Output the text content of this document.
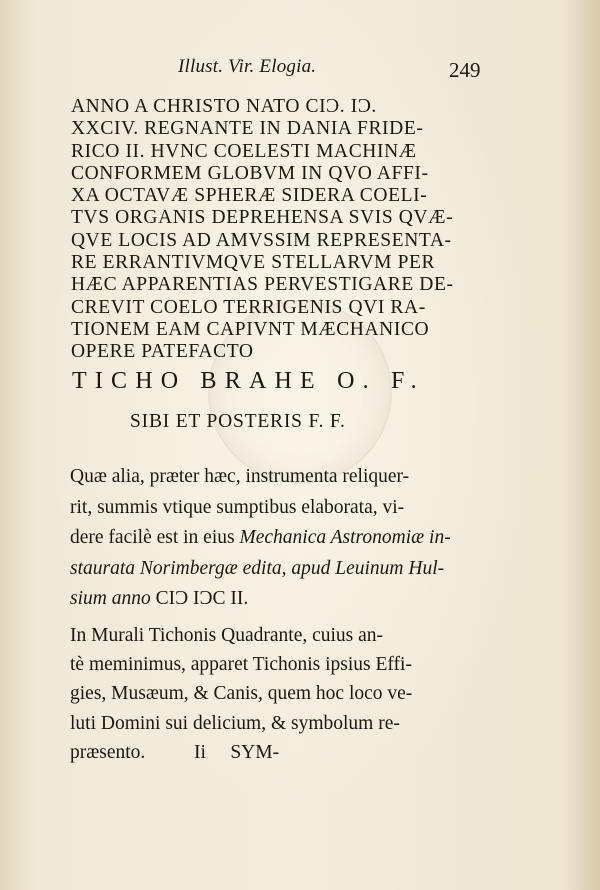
Illust. Vir. Elogia.	249
ANNO A CHRISTO NATO CIϽ. IϽ.
XXCIV. REGNANTE IN DANIA FRIDE-
RICO II. HVNC COELESTI MACHINÆ
CONFORMEM GLOBVM IN QVO AFFI-
XA OCTAVÆ SPHERÆ SIDERA COELI-
TVS ORGANIS DEPREHENSA SVIS QVÆ-
QVE LOCIS AD AMVSSIM REPRESENTA-
RE ERRANTIVMQVE STELLARVM PER
HÆC APPARENTIAS PERVESTIGARE DE-
CREVIT COELO TERRIGENIS QVI RA-
TIONEM EAM CAPIVNT MÆCHANICO
OPERE PATEFACTO
TICHO BRAHE O. F.
SIBI ET POSTERIS F. F.
Quæ alia, præter hæc, instrumenta reliquer-
rit, summis vtique sumptibus elaborata, vi-
dere facilè est in eius Mechanica Astronomiæ in-
staurata Norimbergæ edita, apud Leuinum Hul-
sium anno CIƆ IƆC II.
In Murali Tichonis Quadrante, cuius an-
tè meminimus, apparet Tichonis ipsius Effi-
gies, Musæum, & Canis, quem hoc loco ve-
luti Domini sui delicium, & symbolum re-
præsento.          Ii     SYM-
